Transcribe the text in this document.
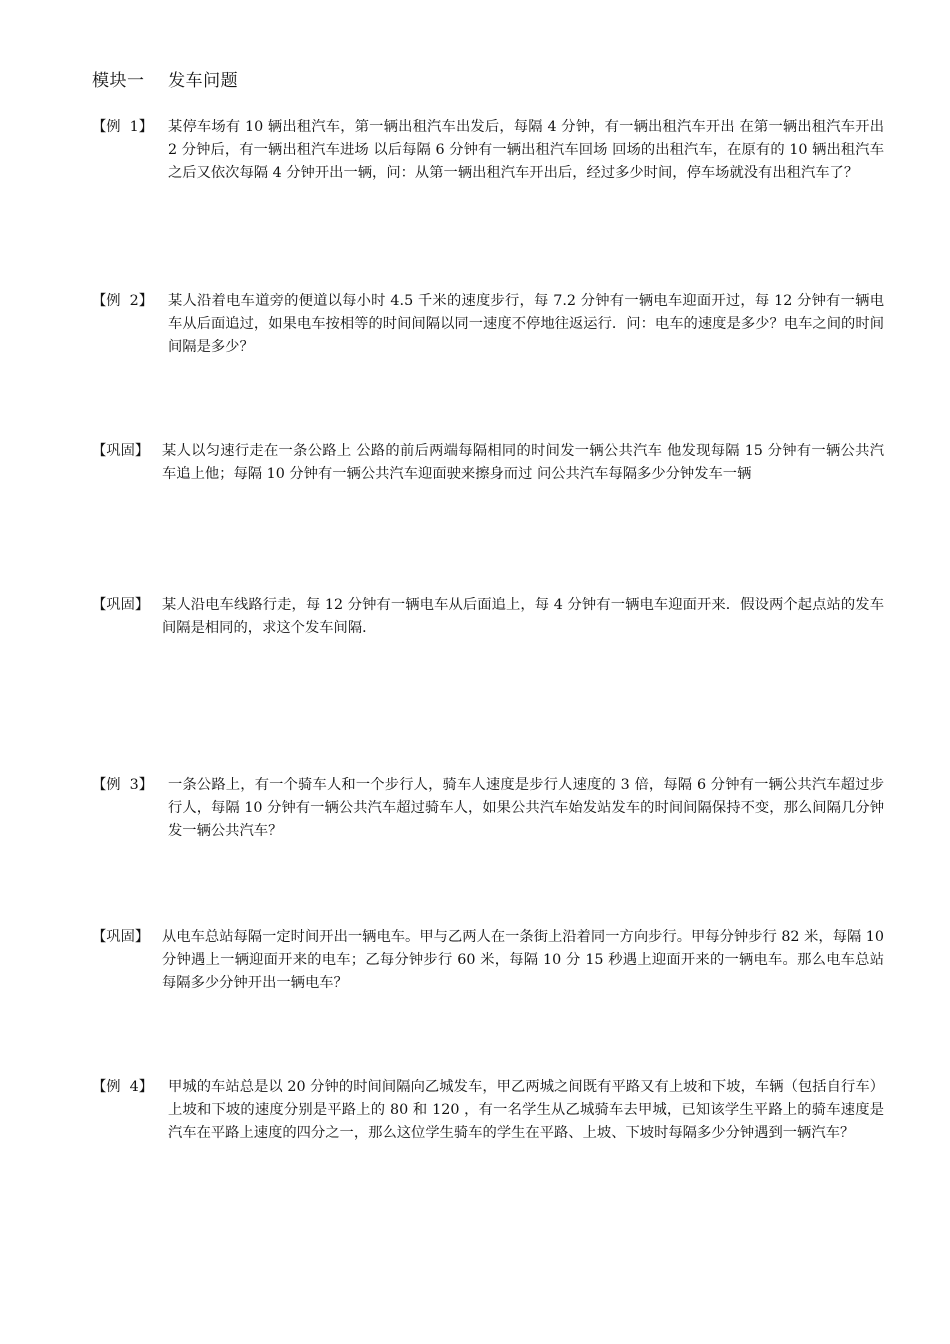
模块一    发车问题
【例  1】 某停车场有 10 辆出租汽车，第一辆出租汽车出发后，每隔 4 分钟，有一辆出租汽车开出 在第一辆出租汽车开出 2 分钟后，有一辆出租汽车进场 以后每隔 6 分钟有一辆出租汽车回场 回场的出租汽车，在原有的 10 辆出租汽车之后又依次每隔 4 分钟开出一辆，问：从第一辆出租汽车开出后，经过多少时间，停车场就没有出租汽车了？
【例  2】 某人沿着电车道旁的便道以每小时 4.5 千米的速度步行，每 7.2 分钟有一辆电车迎面开过，每 12 分钟有一辆电车从后面追过，如果电车按相等的时间间隔以同一速度不停地往返运行．问：电车的速度是多少？电车之间的时间间隔是多少？
【巩固】 某人以匀速行走在一条公路上 公路的前后两端每隔相同的时间发一辆公共汽车 他发现每隔 15 分钟有一辆公共汽车追上他；每隔 10 分钟有一辆公共汽车迎面驶来擦身而过 问公共汽车每隔多少分钟发车一辆
【巩固】 某人沿电车线路行走，每 12 分钟有一辆电车从后面追上，每 4 分钟有一辆电车迎面开来．假设两个起点站的发车间隔是相同的，求这个发车间隔．
【例  3】 一条公路上，有一个骑车人和一个步行人，骑车人速度是步行人速度的 3 倍，每隔 6 分钟有一辆公共汽车超过步行人，每隔 10 分钟有一辆公共汽车超过骑车人，如果公共汽车始发站发车的时间间隔保持不变，那么间隔几分钟发一辆公共汽车？
【巩固】 从电车总站每隔一定时间开出一辆电车。甲与乙两人在一条街上沿着同一方向步行。甲每分钟步行 82 米，每隔 10 分钟遇上一辆迎面开来的电车；乙每分钟步行 60 米，每隔 10 分 15 秒遇上迎面开来的一辆电车。那么电车总站每隔多少分钟开出一辆电车？
【例  4】 甲城的车站总是以 20 分钟的时间间隔向乙城发车，甲乙两城之间既有平路又有上坡和下坡，车辆（包括自行车）上坡和下坡的速度分别是平路上的 80 和 120 ，有一名学生从乙城骑车去甲城，已知该学生平路上的骑车速度是汽车在平路上速度的四分之一，那么这位学生骑车的学生在平路、上坡、下坡时每隔多少分钟遇到一辆汽车？
